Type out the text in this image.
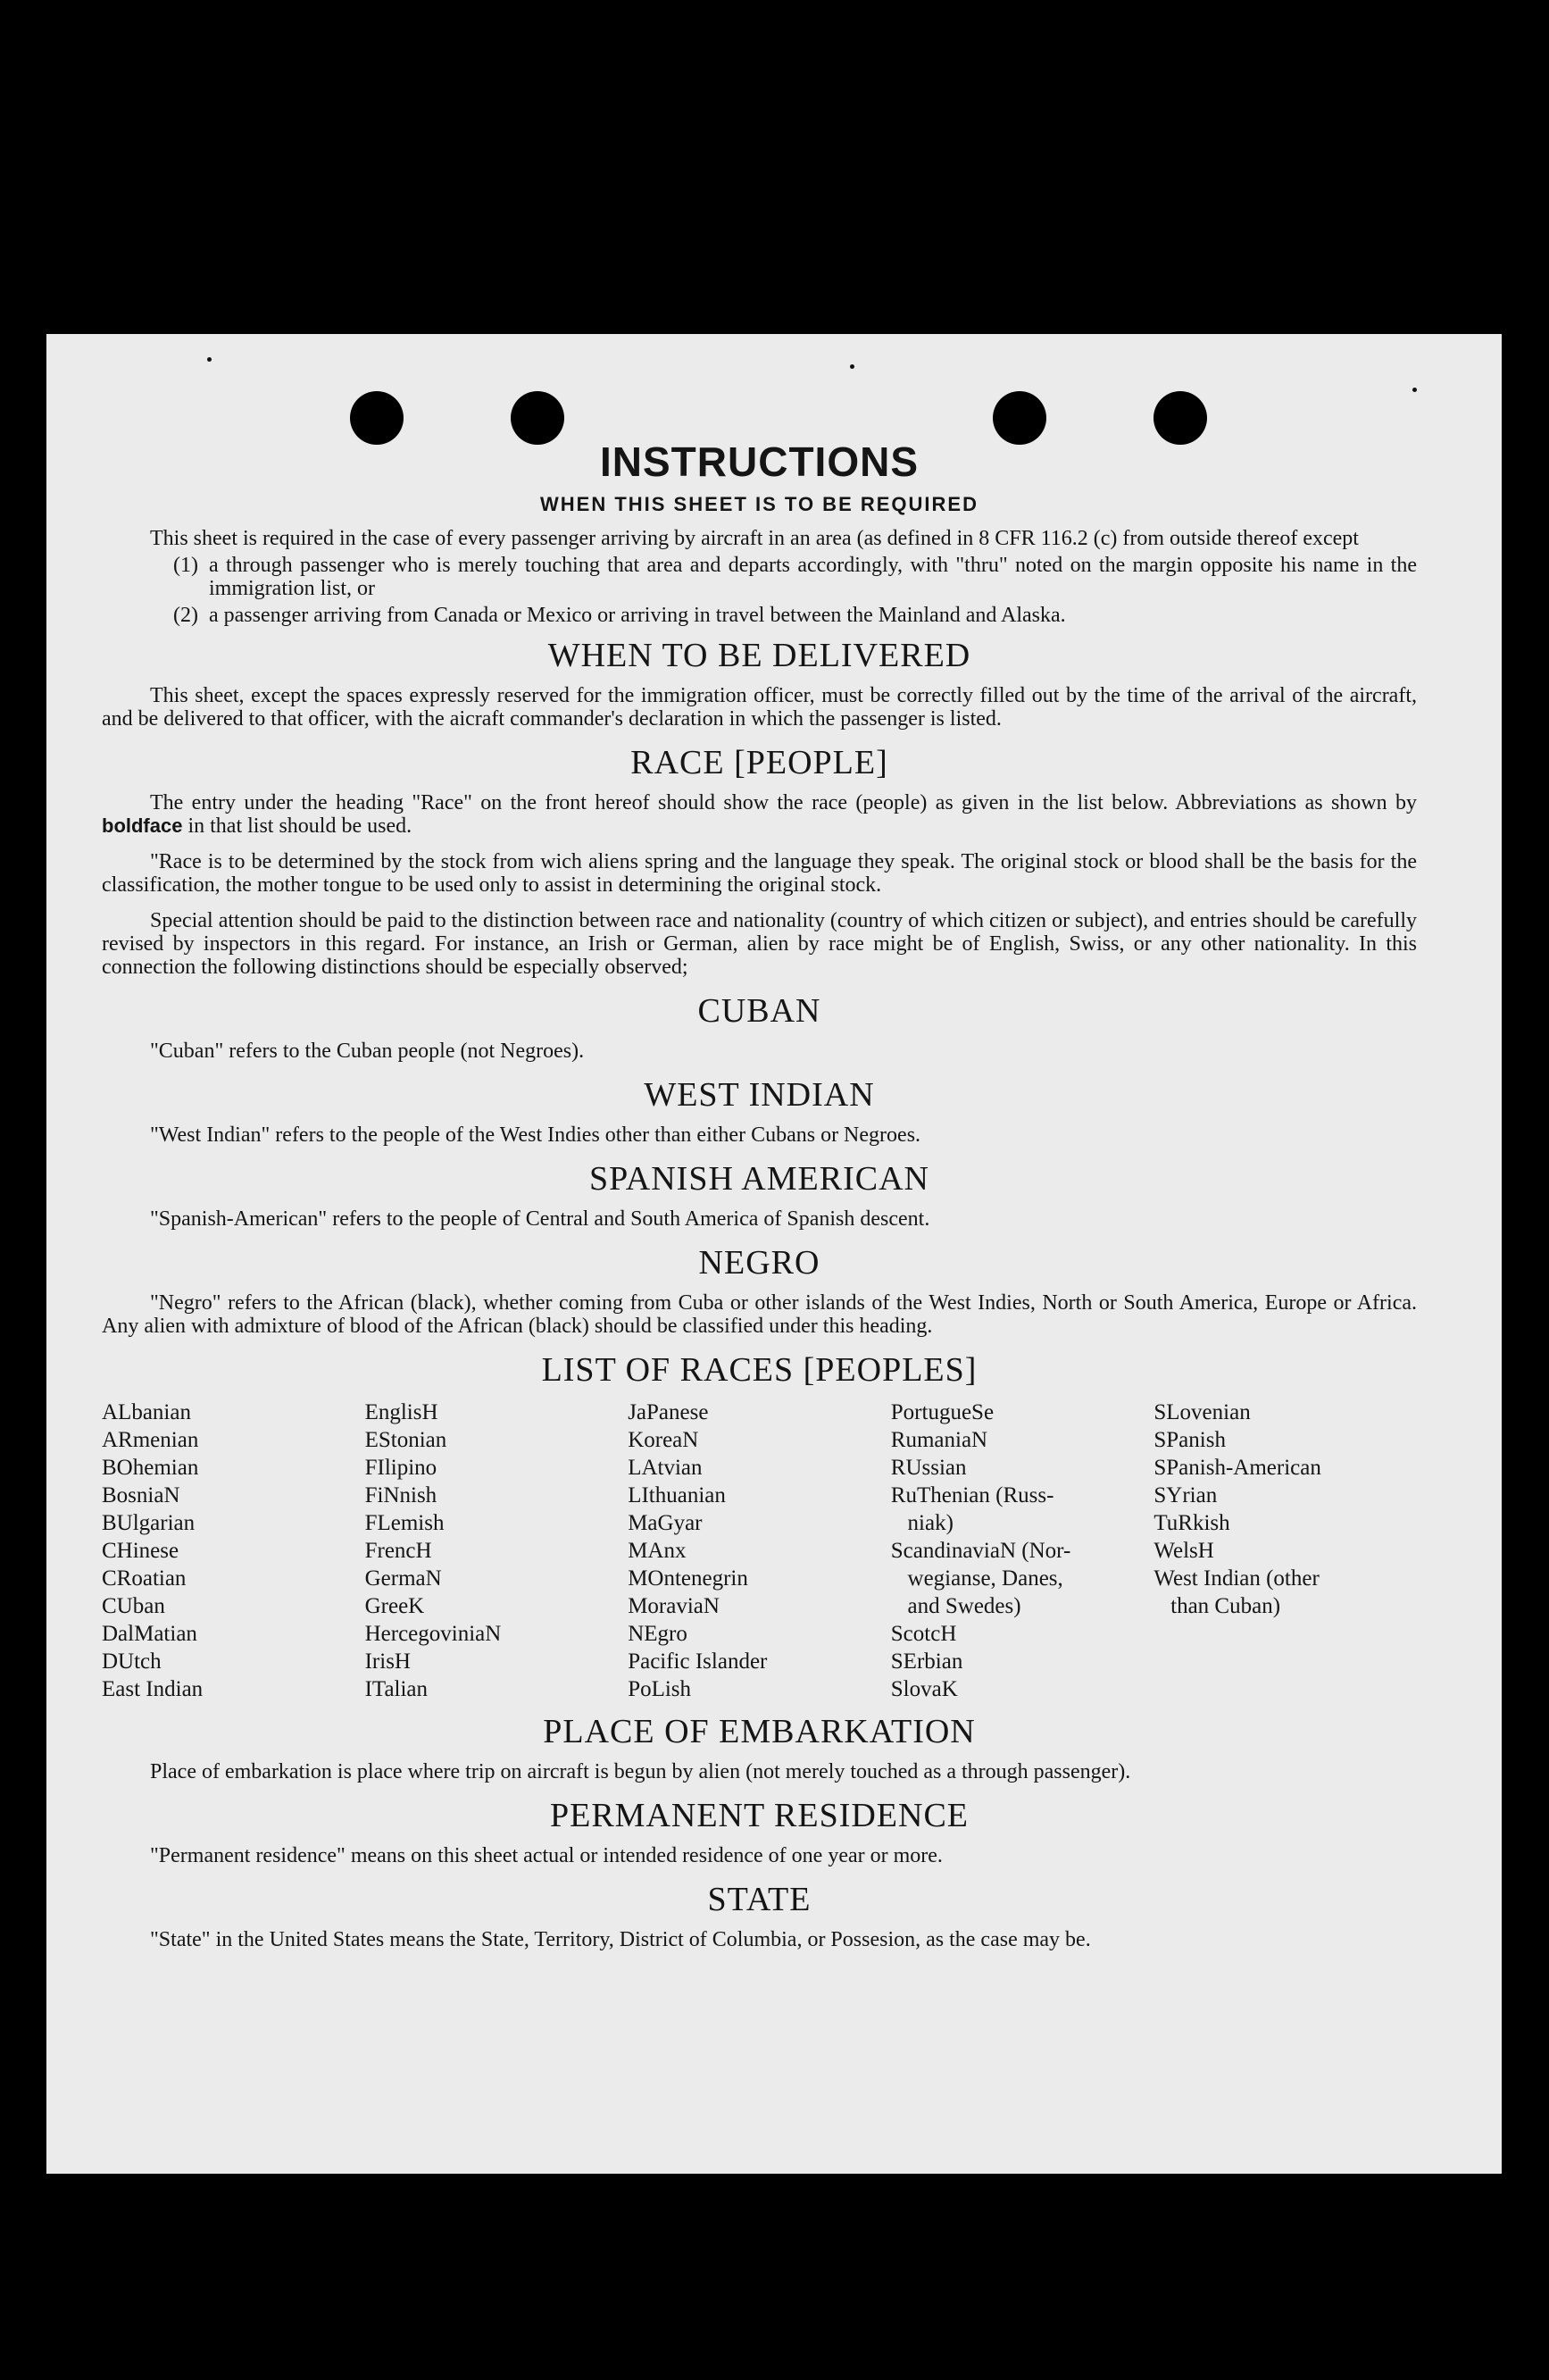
INSTRUCTIONS
WHEN THIS SHEET IS TO BE REQUIRED

This sheet is required in the case of every passenger arriving by aircraft in an area (as defined in 8 CFR 116.2 (c) from outside thereof except

(1) a through passenger who is merely touching that area and departs accordingly, with "thru" noted on the margin opposite his name in the immigration list, or
(2) a passenger arriving from Canada or Mexico or arriving in travel between the Mainland and Alaska.
WHEN TO BE DELIVERED

This sheet, except the spaces expressly reserved for the immigration officer, must be correctly filled out by the time of the arrival of the aircraft, and be delivered to that officer, with the aicraft commander's declaration in which the passenger is listed.

RACE [PEOPLE]

The entry under the heading "Race" on the front hereof should show the race (people) as given in the list below. Abbreviations as shown by boldface in that list should be used.

"Race is to be determined by the stock from wich aliens spring and the language they speak. The original stock or blood shall be the basis for the classification, the mother tongue to be used only to assist in determining the original stock.

Special attention should be paid to the distinction between race and nationality (country of which citizen or subject), and entries should be carefully revised by inspectors in this regard. For instance, an Irish or German, alien by race might be of English, Swiss, or any other nationality. In this connection the following distinctions should be especially observed;

CUBAN

"Cuban" refers to the Cuban people (not Negroes).

WEST INDIAN

"West Indian" refers to the people of the West Indies other than either Cubans or Negroes.

SPANISH AMERICAN

"Spanish-American" refers to the people of Central and South America of Spanish descent.

NEGRO

"Negro" refers to the African (black), whether coming from Cuba or other islands of the West Indies, North or South America, Europe or Africa. Any alien with admixture of blood of the African (black) should be classified under this heading.

LIST OF RACES [PEOPLES]
ALbanian
ARmenian
BOhemian
BosniaN
BUlgarian
CHinese
CRoatian
CUban
DalMatian
DUtch
East Indian
EnglisH
EStonian
FIlipino
FiNnish
FLemish
FrencH
GermaN
GreeK
HercegoviniaN
IrisH
ITalian
JaPanese
KoreaN
LAtvian
LIthuanian
MaGyar
MAnx
MOntenegrin
MoraviaN
NEgro
Pacific Islander
PoLish
PortugueSe
RumaniaN
RUssian
RuThenian (Russ-
niak)
ScandinaviaN (Nor-
wegianse, Danes,
and Swedes)
ScotcH
SErbian
SlovaK
SLovenian
SPanish
SPanish-American
SYrian
TuRkish
WelsH
West Indian (other
than Cuban)
PLACE OF EMBARKATION

Place of embarkation is place where trip on aircraft is begun by alien (not merely touched as a through passenger).

PERMANENT RESIDENCE

"Permanent residence" means on this sheet actual or intended residence of one year or more.

STATE

"State" in the United States means the State, Territory, District of Columbia, or Possesion, as the case may be.
